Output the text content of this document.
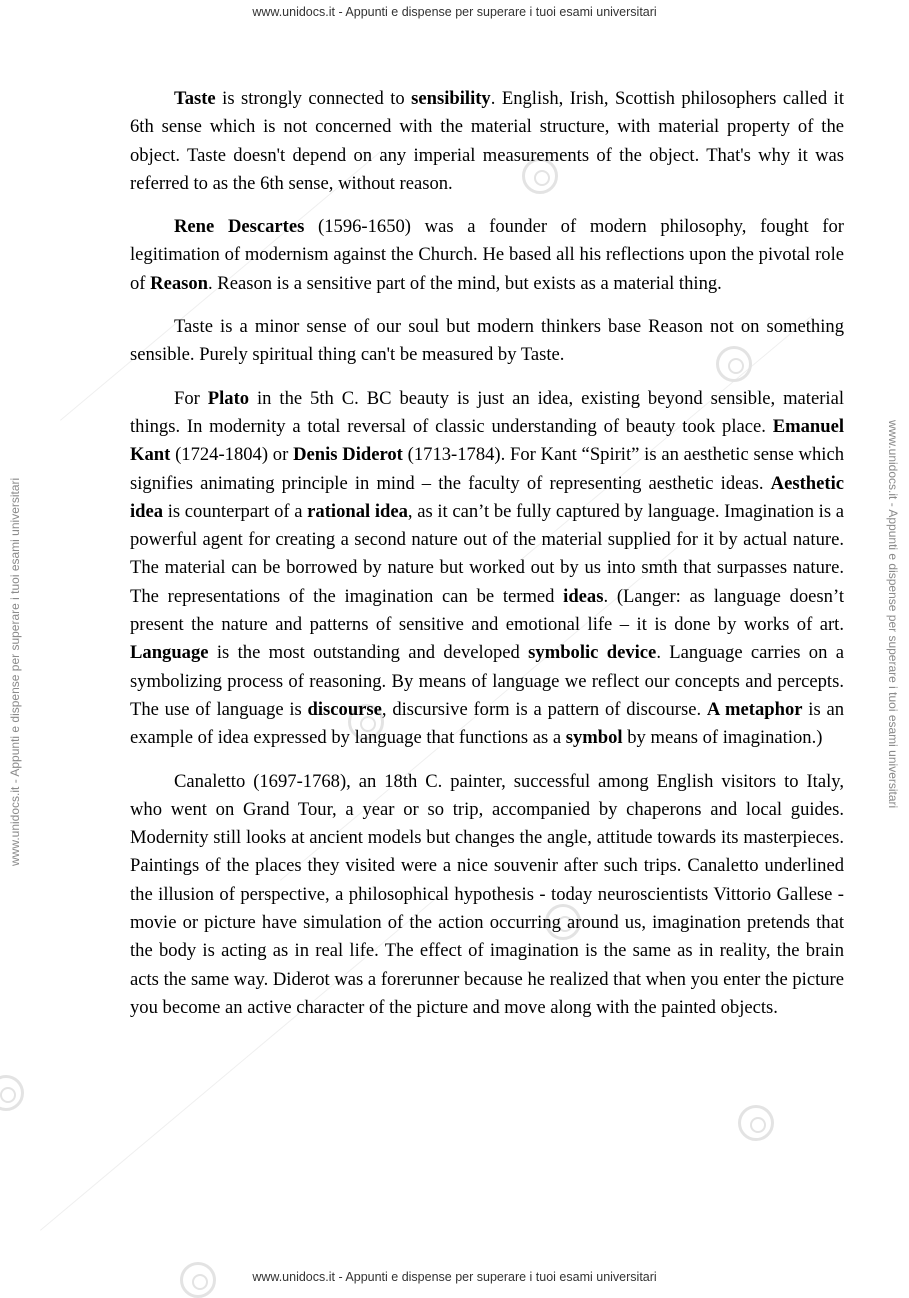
www.unidocs.it - Appunti e dispense per superare i tuoi esami universitari
www.unidocs.it - Appunti e dispense per superare i tuoi esami universitari
www.unidocs.it - Appunti e dispense per superare i tuoi esami universitari	www.unidocs.it - Appunti e dispense per superare i tuoi esami universitari

Taste is strongly connected to sensibility. English, Irish, Scottish philosophers called it 6th sense which is not concerned with the material structure, with material property of the object. Taste doesn't depend on any imperial measurements of the object. That's why it was referred to as the 6th sense, without reason.

Rene Descartes (1596-1650) was a founder of modern philosophy, fought for legitimation of modernism against the Church. He based all his reflections upon the pivotal role of Reason. Reason is a sensitive part of the mind, but exists as a material thing.

Taste is a minor sense of our soul but modern thinkers base Reason not on something sensible. Purely spiritual thing can't be measured by Taste.

For Plato in the 5th C. BC beauty is just an idea, existing beyond sensible, material things. In modernity a total reversal of classic understanding of beauty took place. Emanuel Kant (1724-1804) or Denis Diderot (1713-1784). For Kant “Spirit” is an aesthetic sense which signifies animating principle in mind – the faculty of representing aesthetic ideas. Aesthetic idea is counterpart of a rational idea, as it can’t be fully captured by language. Imagination is a powerful agent for creating a second nature out of the material supplied for it by actual nature. The material can be borrowed by nature but worked out by us into smth that surpasses nature. The representations of the imagination can be termed ideas. (Langer: as language doesn’t present the nature and patterns of sensitive and emotional life – it is done by works of art. Language is the most outstanding and developed symbolic device. Language carries on a symbolizing process of reasoning. By means of language we reflect our concepts and percepts. The use of language is discourse, discursive form is a pattern of discourse. A metaphor is an example of idea expressed by language that functions as a symbol by means of imagination.)

Canaletto (1697-1768), an 18th C. painter, successful among English visitors to Italy, who went on Grand Tour, a year or so trip, accompanied by chaperons and local guides. Modernity still looks at ancient models but changes the angle, attitude towards its masterpieces. Paintings of the places they visited were a nice souvenir after such trips. Canaletto underlined the illusion of perspective, a philosophical hypothesis - today neuroscientists Vittorio Gallese - movie or picture have simulation of the action occurring around us, imagination pretends that the body is acting as in real life. The effect of imagination is the same as in reality, the brain acts the same way. Diderot was a forerunner because he realized that when you enter the picture you become an active character of the picture and move along with the painted objects.
